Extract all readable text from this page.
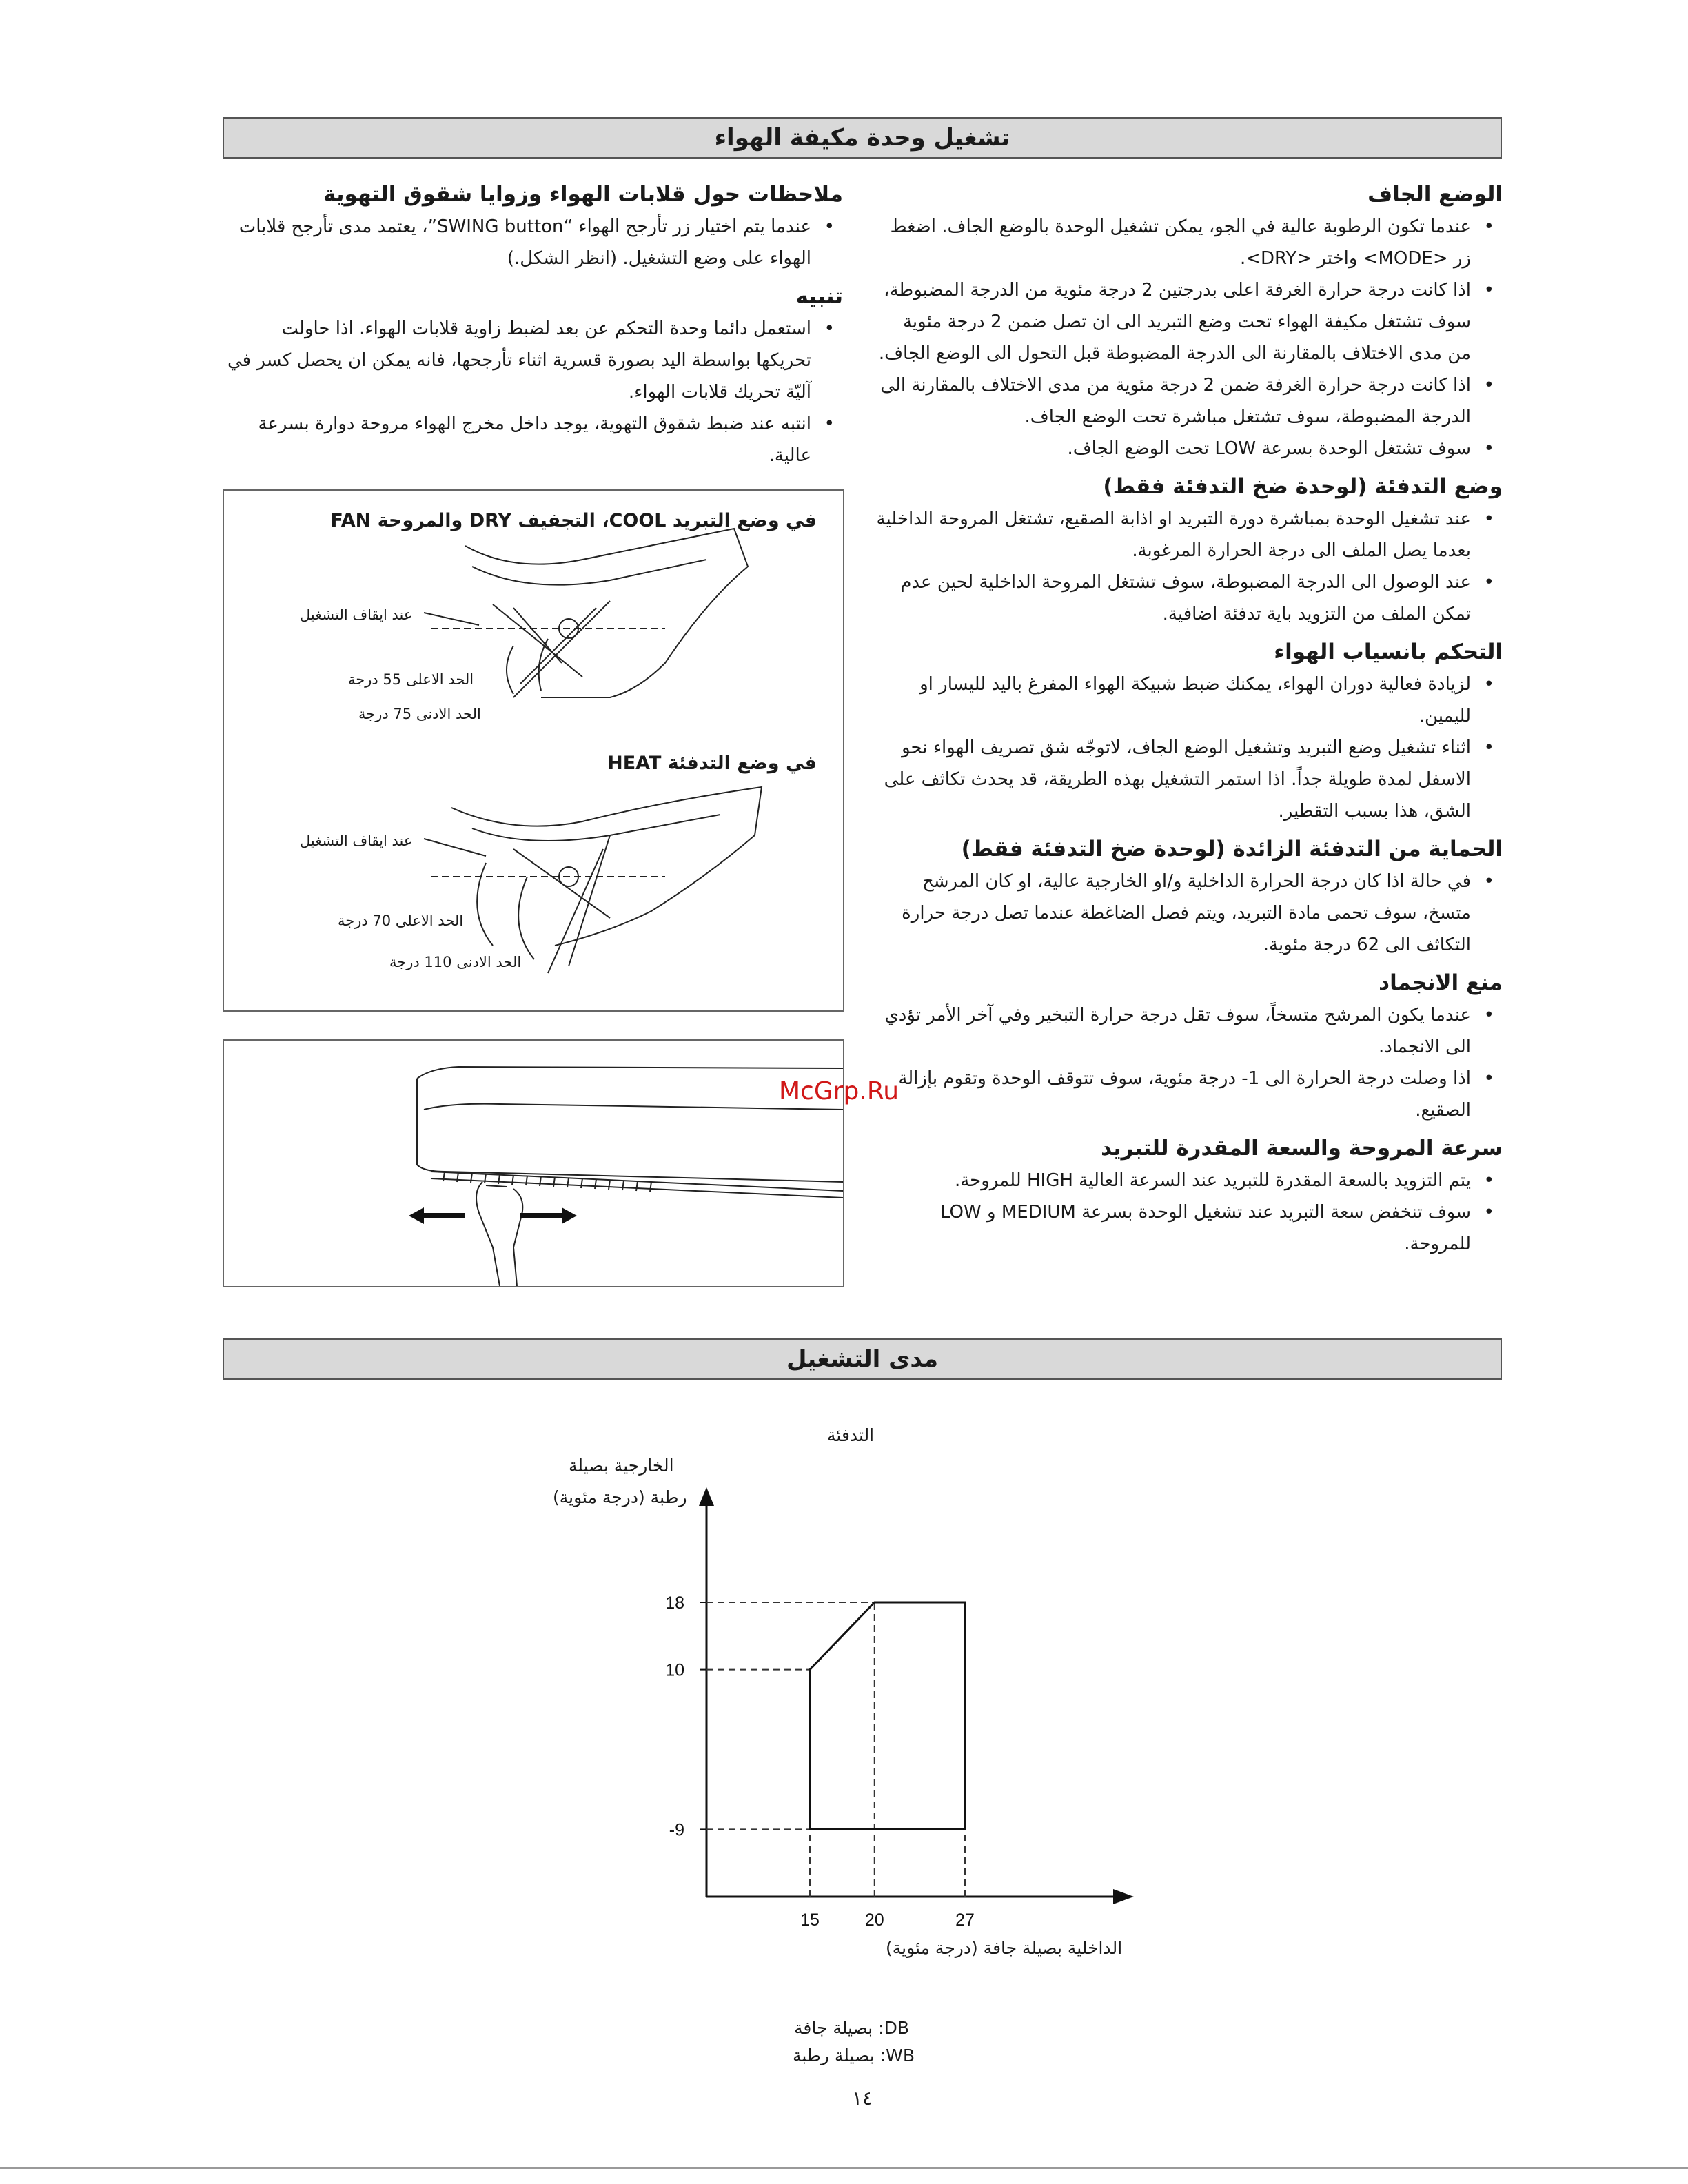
تشغيل وحدة مكيفة الهواء
الوضع الجاف
• عندما تكون الرطوبة عالية في الجو، يمكن تشغيل الوحدة بالوضع الجاف. اضغط زر <MODE> واختر <DRY>.
• اذا كانت درجة حرارة الغرفة اعلى بدرجتين 2 درجة مئوية من الدرجة المضبوطة، سوف تشتغل مكيفة الهواء تحت وضع التبريد الى ان تصل ضمن 2 درجة مئوية من مدى الاختلاف بالمقارنة الى الدرجة المضبوطة قبل التحول الى الوضع الجاف.
• اذا كانت درجة حرارة الغرفة ضمن 2 درجة مئوية من مدى الاختلاف بالمقارنة الى الدرجة المضبوطة، سوف تشتغل مباشرة تحت الوضع الجاف.
• سوف تشتغل الوحدة بسرعة LOW تحت الوضع الجاف.
وضع التدفئة (لوحدة ضخ التدفئة فقط)
• عند تشغيل الوحدة بمباشرة دورة التبريد او اذابة الصقيع، تشتغل المروحة الداخلية بعدما يصل الملف الى درجة الحرارة المرغوبة.
• عند الوصول الى الدرجة المضبوطة، سوف تشتغل المروحة الداخلية لحين عدم تمكن الملف من التزويد باية تدفئة اضافية.
التحكم بانسياب الهواء
• لزيادة فعالية دوران الهواء، يمكنك ضبط شبيكة الهواء المفرغ باليد لليسار او لليمين.
• اثناء تشغيل وضع التبريد وتشغيل الوضع الجاف، لاتوجّه شق تصريف الهواء نحو الاسفل لمدة طويلة جداً. اذا استمر التشغيل بهذه الطريقة، قد يحدث تكاثف على الشق، هذا بسبب التقطير.
الحماية من التدفئة الزائدة (لوحدة ضخ التدفئة فقط)
• في حالة اذا كان درجة الحرارة الداخلية و/او الخارجية عالية، او كان المرشح متسخ، سوف تحمى مادة التبريد، ويتم فصل الضاغطة عندما تصل درجة حرارة التكاثف الى 62 درجة مئوية.
منع الانجماد
• عندما يكون المرشح متسخاً، سوف تقل درجة حرارة التبخير وفي آخر الأمر تؤدي الى الانجماد.
• اذا وصلت درجة الحرارة الى 1- درجة مئوية، سوف تتوقف الوحدة وتقوم بإزالة الصقيع.
سرعة المروحة والسعة المقدرة للتبريد
• يتم التزويد بالسعة المقدرة للتبريد عند السرعة العالية HIGH للمروحة.
• سوف تنخفض سعة التبريد عند تشغيل الوحدة بسرعة MEDIUM و LOW للمروحة.
ملاحظات حول قلابات الهواء وزوايا شقوق التهوية
• عندما يتم اختيار زر تأرجح الهواء “SWING button”، يعتمد مدى تأرجح قلابات الهواء على وضع التشغيل. (انظر الشكل.)
تنبيه
• استعمل دائما وحدة التحكم عن بعد لضبط زاوية قلابات الهواء. اذا حاولت تحريكها بواسطة اليد بصورة قسرية اثناء تأرجحها، فانه يمكن ان يحصل كسر في آليّة تحريك قلابات الهواء.
• انتبه عند ضبط شقوق التهوية، يوجد داخل مخرج الهواء مروحة دوارة بسرعة عالية.
في وضع التبريد COOL، التجفيف DRY والمروحة FAN
عند ايقاف التشغيل
الحد الاعلى 55 درجة
الحد الادنى 75 درجة
في وضع التدفئة HEAT
عند ايقاف التشغيل
الحد الاعلى 70 درجة
الحد الادنى 110 درجة
McGrp.Ru
مدى التشغيل
التدفئة
الخارجية بصيلة
رطبة (درجة مئوية)
الداخلية بصيلة جافة (درجة مئوية)
18
10
-9
15	20	27
DB: بصيلة جافة
WB: بصيلة رطبة
١٤
